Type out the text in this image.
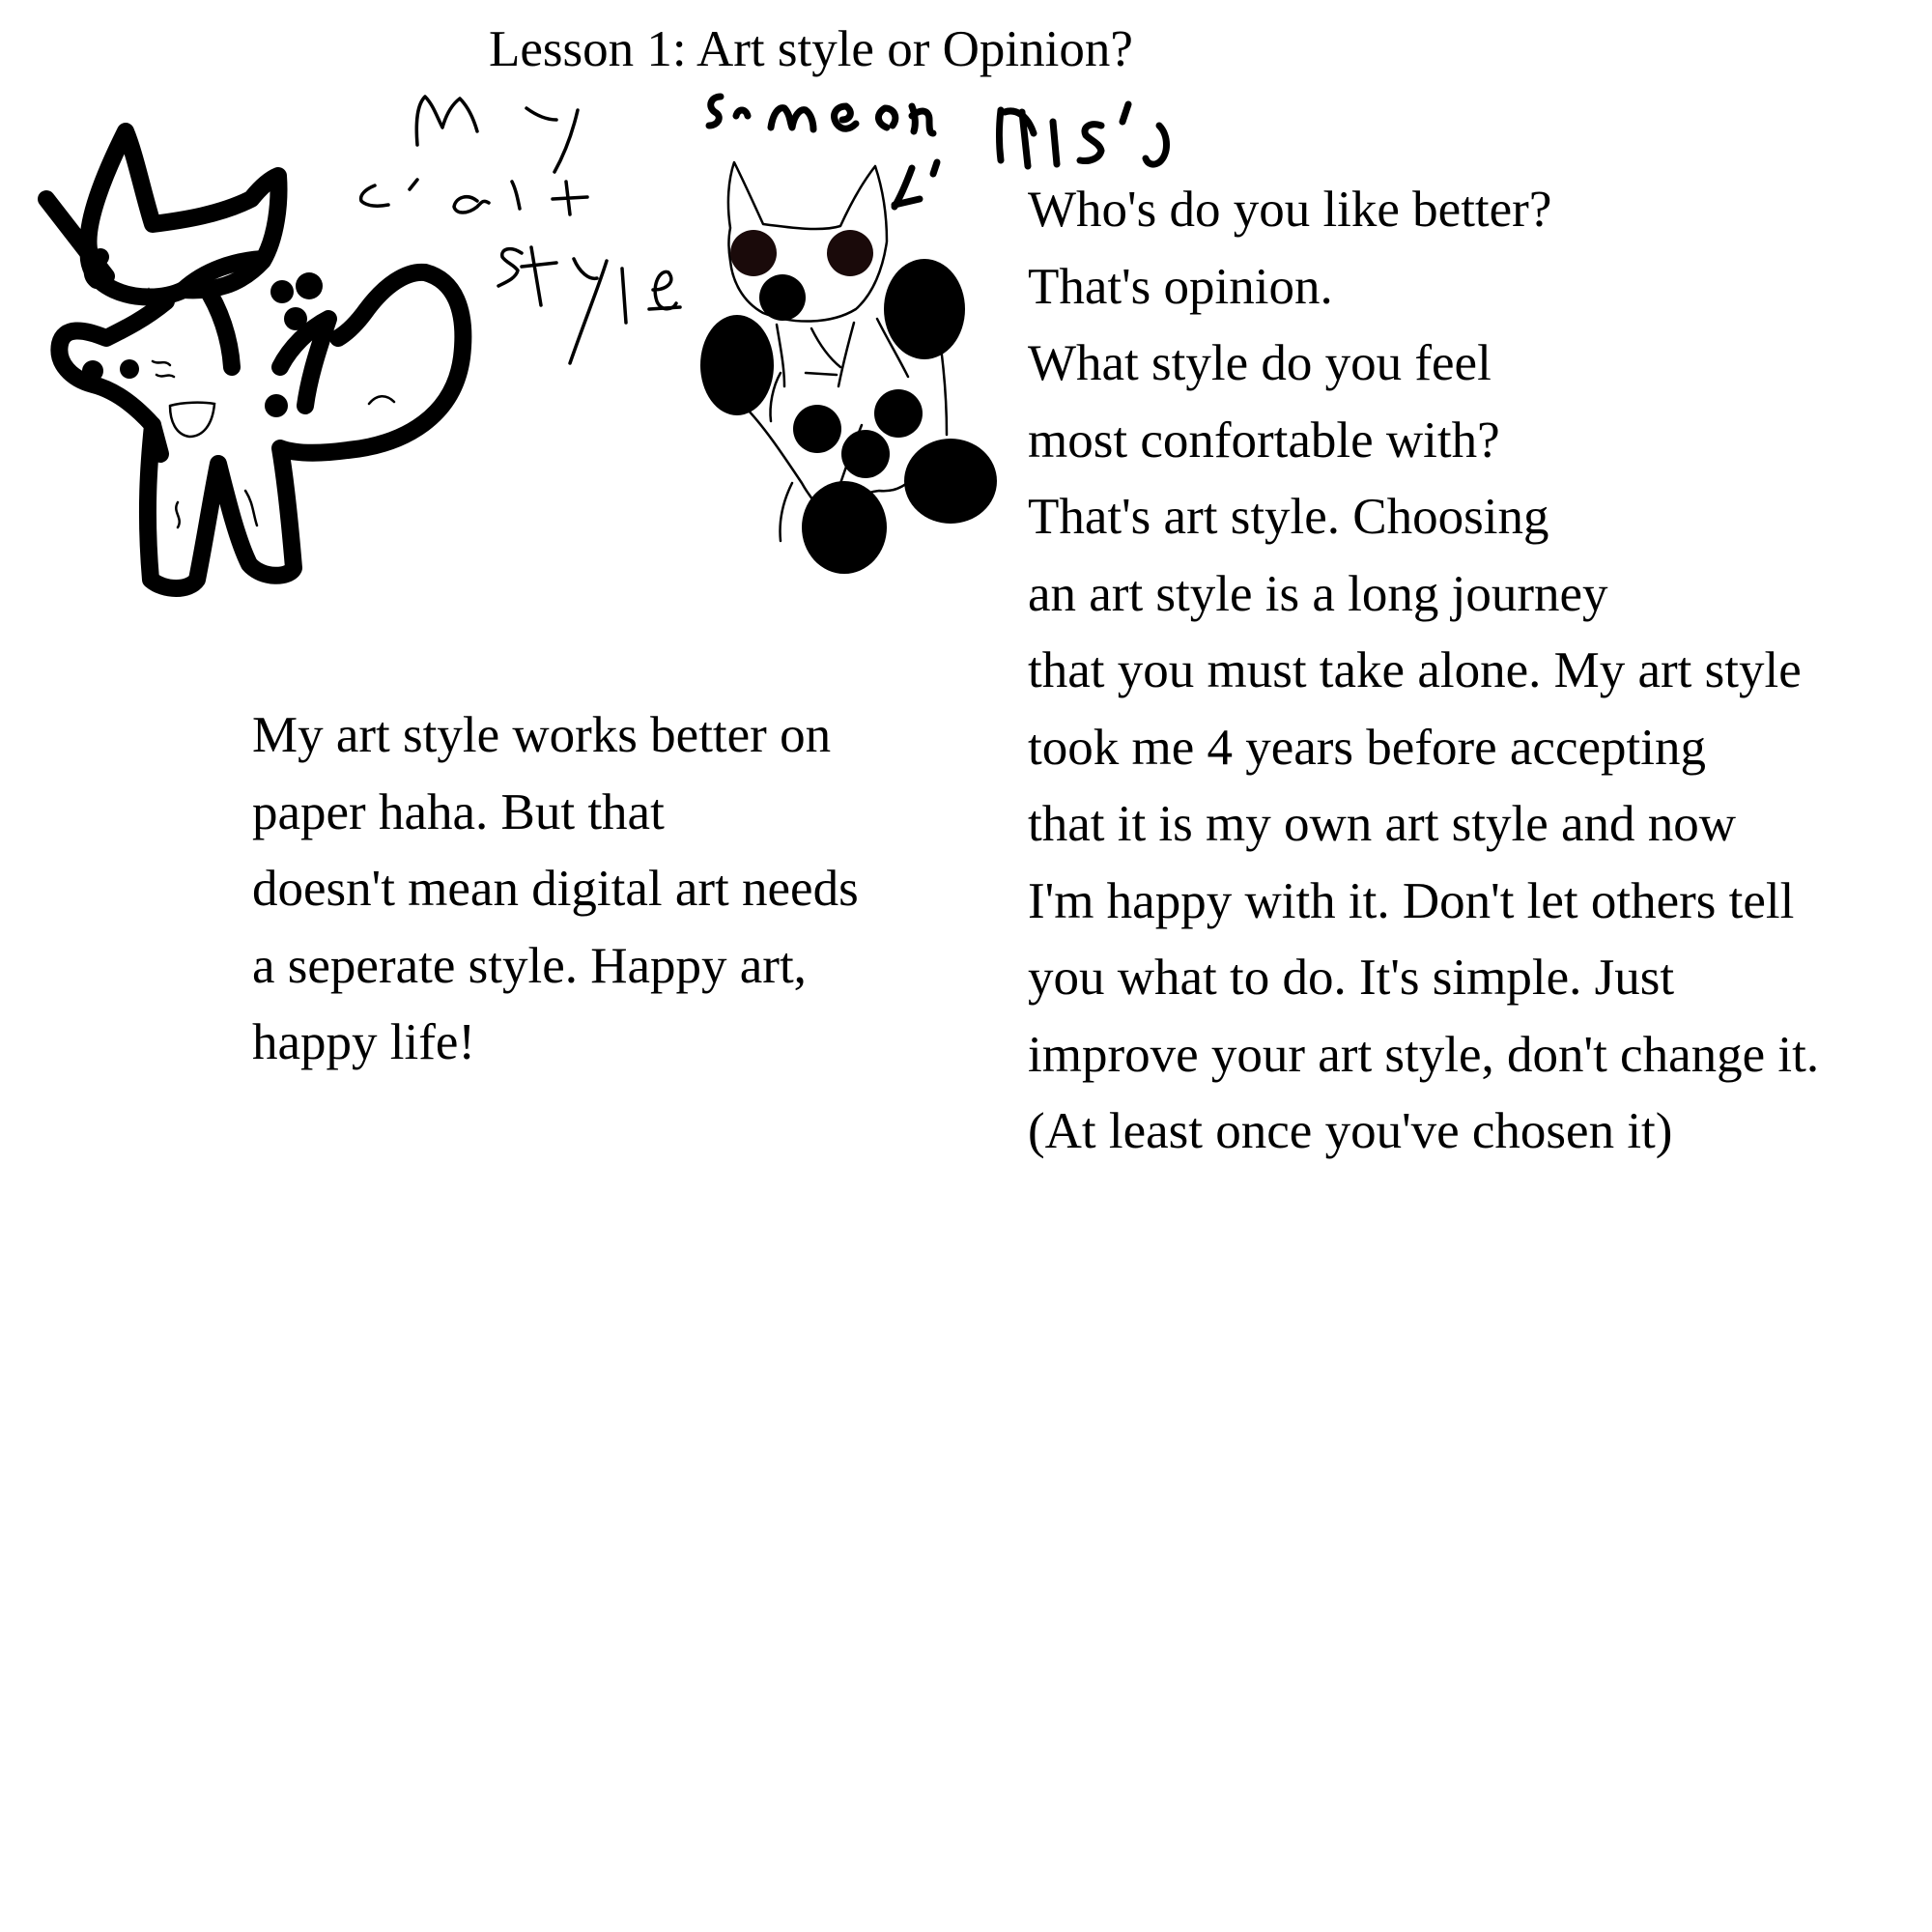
Lesson 1: Art style or Opinion?
My art style works better on
paper haha. But that
doesn't mean digital art needs
a seperate style. Happy art,
happy life!
Who's do you like better?
That's opinion.
What style do you feel
most confortable with?
That's art style. Choosing
an art style is a long journey
that you must take alone. My art style
took me 4 years before accepting
that it is my own art style and now
I'm happy with it. Don't let others tell
you what to do. It's simple. Just
improve your art style, don't change it.
(At least once you've chosen it)
